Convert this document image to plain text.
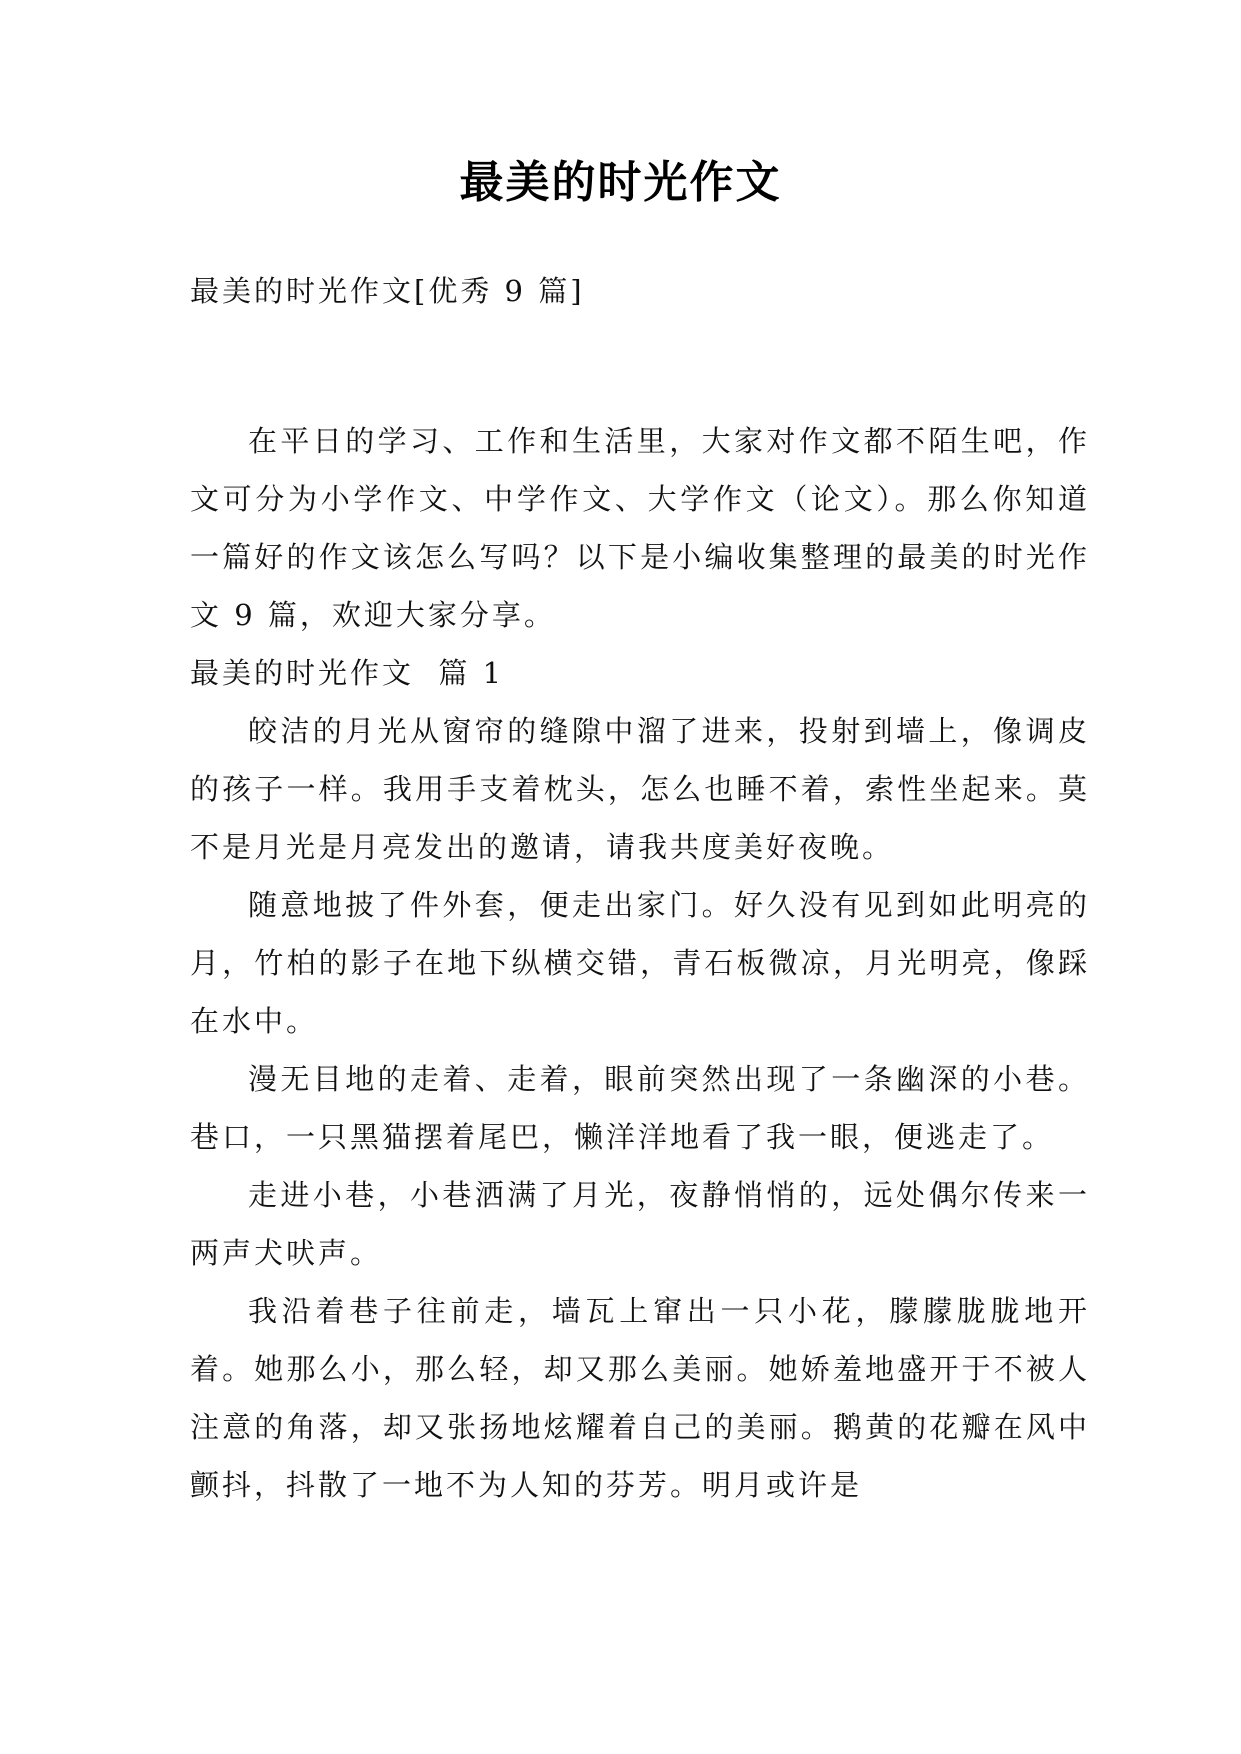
最美的时光作文

最美的时光作文[优秀 9 篇]

在平日的学习、工作和生活里，大家对作文都不陌生吧，作文可分为小学作文、中学作文、大学作文（论文）。那么你知道一篇好的作文该怎么写吗？以下是小编收集整理的最美的时光作文 9 篇，欢迎大家分享。

最美的时光作文  篇 1

皎洁的月光从窗帘的缝隙中溜了进来，投射到墙上，像调皮的孩子一样。我用手支着枕头，怎么也睡不着，索性坐起来。莫不是月光是月亮发出的邀请，请我共度美好夜晚。

随意地披了件外套，便走出家门。好久没有见到如此明亮的月，竹柏的影子在地下纵横交错，青石板微凉，月光明亮，像踩在水中。

漫无目地的走着、走着，眼前突然出现了一条幽深的小巷。巷口，一只黑猫摆着尾巴，懒洋洋地看了我一眼，便逃走了。

走进小巷，小巷洒满了月光，夜静悄悄的，远处偶尔传来一两声犬吠声。

我沿着巷子往前走，墙瓦上窜出一只小花，朦朦胧胧地开着。她那么小，那么轻，却又那么美丽。她娇羞地盛开于不被人注意的角落，却又张扬地炫耀着自己的美丽。鹅黄的花瓣在风中颤抖，抖散了一地不为人知的芬芳。明月或许是
